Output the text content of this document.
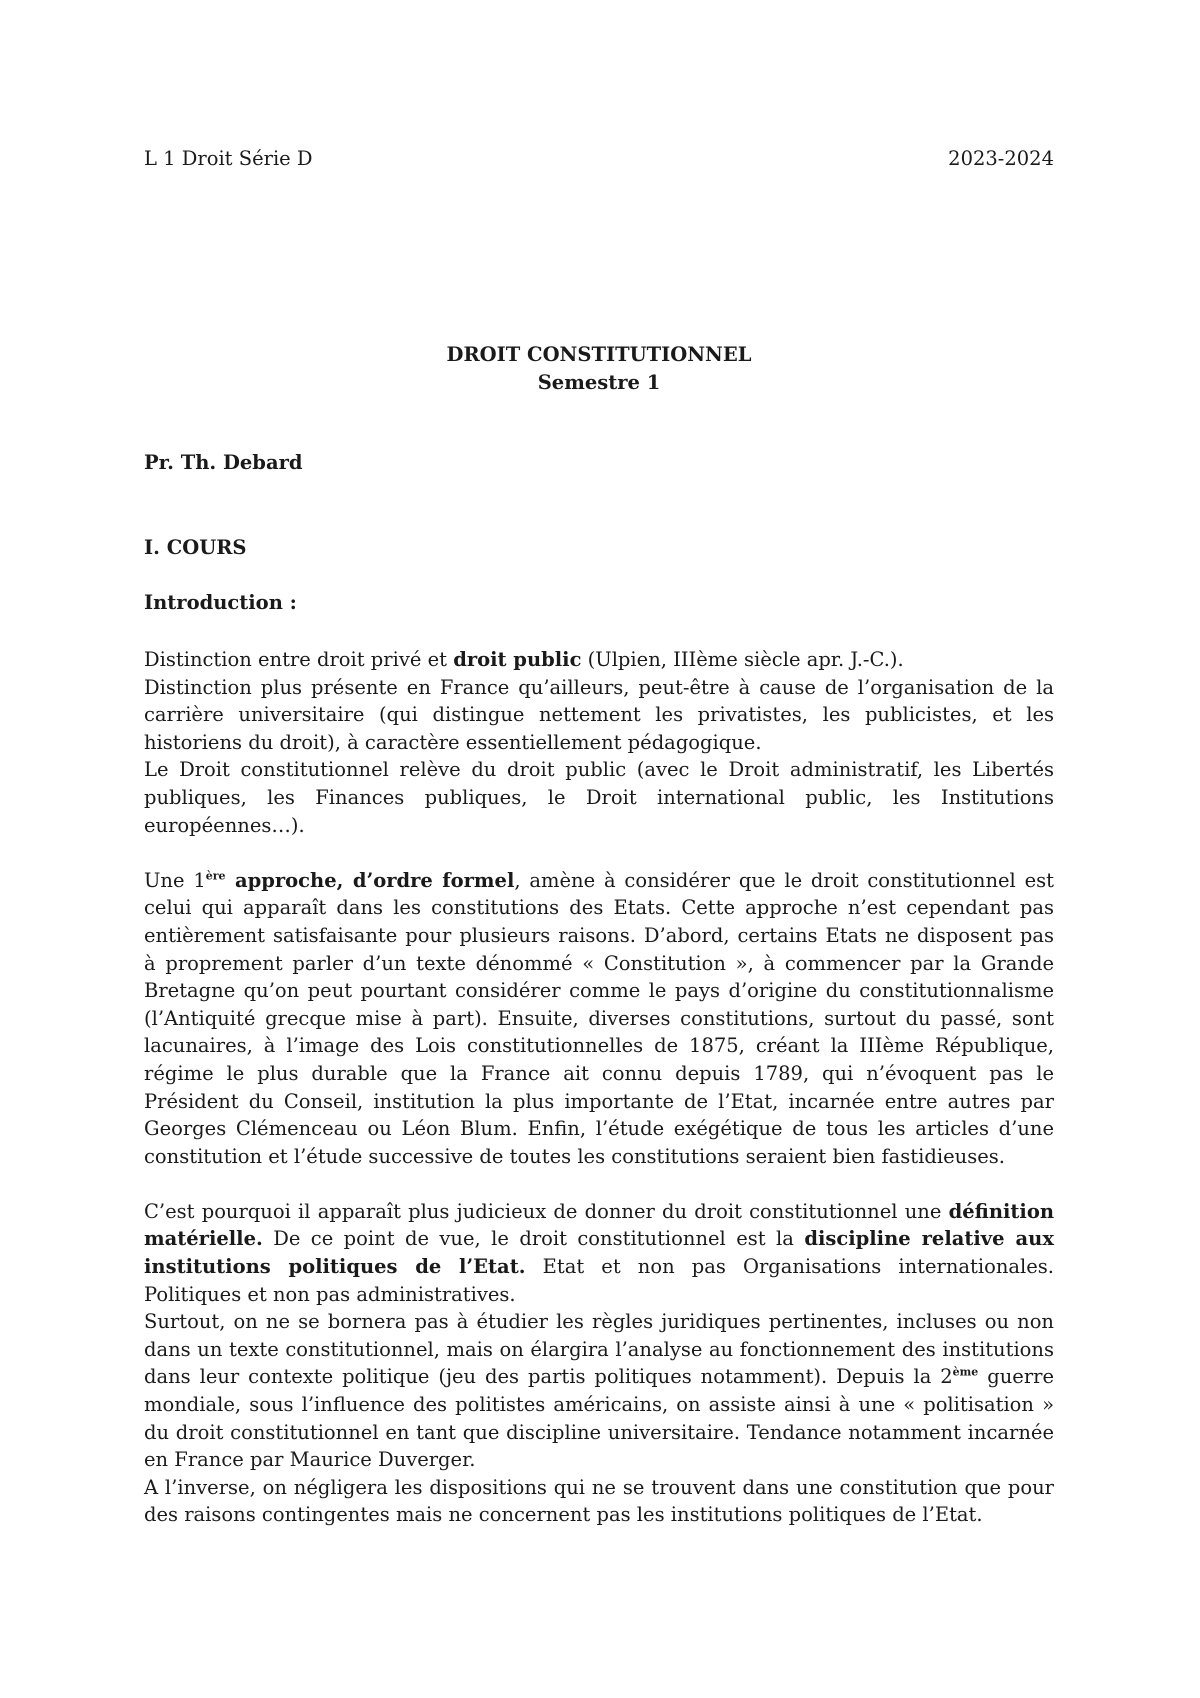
L 1 Droit Série D	2023-2024
DROIT CONSTITUTIONNEL
Semestre 1
Pr. Th. Debard
I. COURS
Introduction :

Distinction entre droit privé et droit public (Ulpien, IIIème siècle apr. J.-C.).

Distinction plus présente en France qu’ailleurs, peut-être à cause de l’organisation de la carrière universitaire (qui distingue nettement les privatistes, les publicistes, et les historiens du droit), à caractère essentiellement pédagogique.

Le Droit constitutionnel relève du droit public (avec le Droit administratif, les Libertés publiques, les Finances publiques, le Droit international public, les Institutions européennes…).

Une 1ère approche, d’ordre formel, amène à considérer que le droit constitutionnel est celui qui apparaît dans les constitutions des Etats. Cette approche n’est cependant pas entièrement satisfaisante pour plusieurs raisons. D’abord, certains Etats ne disposent pas à proprement parler d’un texte dénommé « Constitution », à commencer par la Grande Bretagne qu’on peut pourtant considérer comme le pays d’origine du constitutionnalisme (l’Antiquité grecque mise à part). Ensuite, diverses constitutions, surtout du passé, sont lacunaires, à l’image des Lois constitutionnelles de 1875, créant la IIIème République, régime le plus durable que la France ait connu depuis 1789, qui n’évoquent pas le Président du Conseil, institution la plus importante de l’Etat, incarnée entre autres par Georges Clémenceau ou Léon Blum. Enfin, l’étude exégétique de tous les articles d’une constitution et l’étude successive de toutes les constitutions seraient bien fastidieuses.

C’est pourquoi il apparaît plus judicieux de donner du droit constitutionnel une définition matérielle. De ce point de vue, le droit constitutionnel est la discipline relative aux institutions politiques de l’Etat. Etat et non pas Organisations internationales. Politiques et non pas administratives.

Surtout, on ne se bornera pas à étudier les règles juridiques pertinentes, incluses ou non dans un texte constitutionnel, mais on élargira l’analyse au fonctionnement des institutions dans leur contexte politique (jeu des partis politiques notamment). Depuis la 2ème guerre mondiale, sous l’influence des politistes américains, on assiste ainsi à une « politisation » du droit constitutionnel en tant que discipline universitaire. Tendance notamment incarnée en France par Maurice Duverger.

A l’inverse, on négligera les dispositions qui ne se trouvent dans une constitution que pour des raisons contingentes mais ne concernent pas les institutions politiques de l’Etat.
